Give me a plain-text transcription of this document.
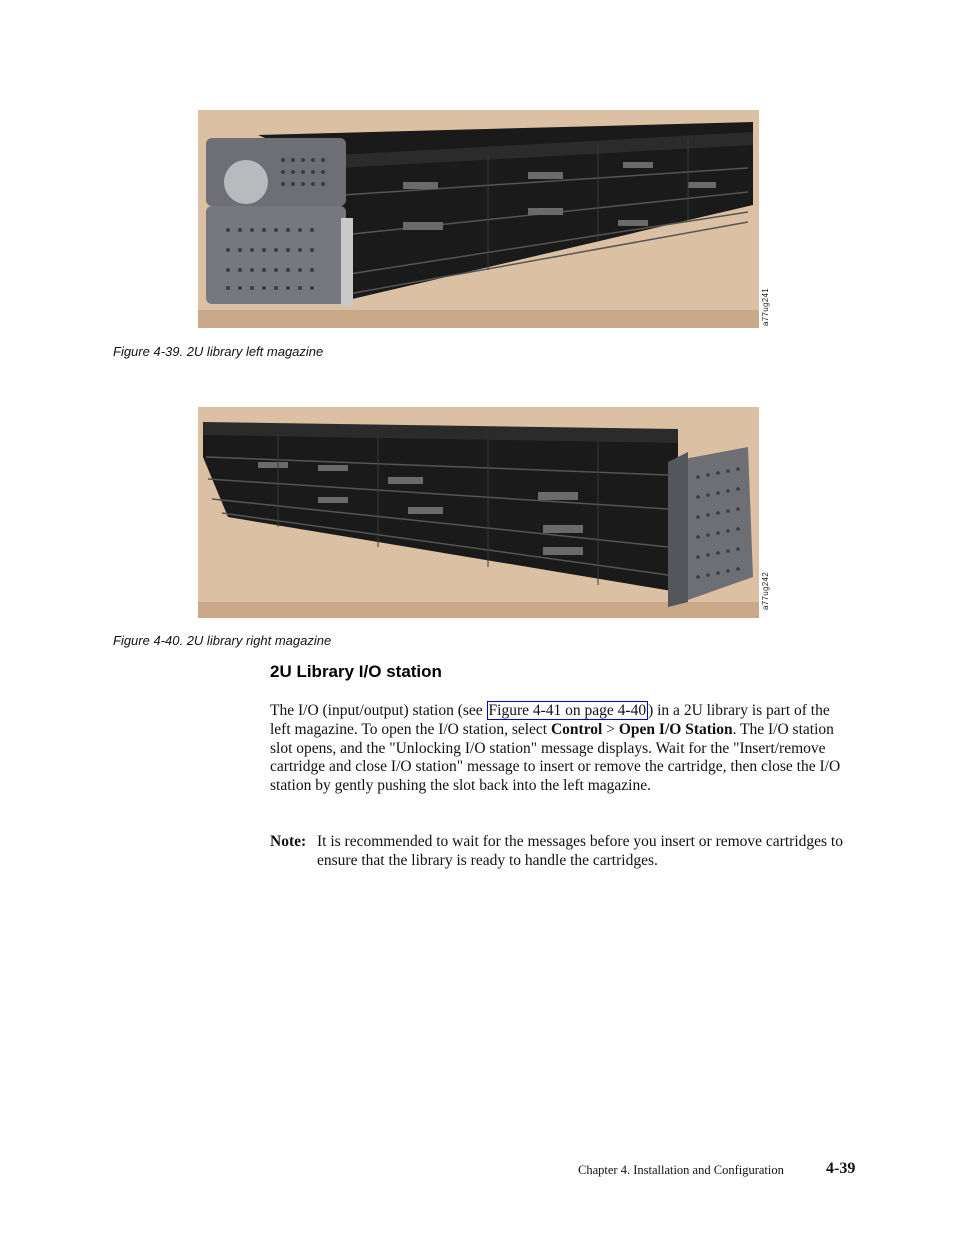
a77ug241
Figure 4-39. 2U library left magazine
a77ug242
Figure 4-40. 2U library right magazine
2U Library I/O station
The I/O (input/output) station (see Figure 4-41 on page 4-40 ) in a 2U library is part of the left magazine. To open the I/O station, select Control > Open I/O Station. The I/O station slot opens, and the "Unlocking I/O station" message displays. Wait for the "Insert/remove cartridge and close I/O station" message to insert or remove the cartridge, then close the I/O station by gently pushing the slot back into the left magazine.
Note: It is recommended to wait for the messages before you insert or remove cartridges to ensure that the library is ready to handle the cartridges.
Chapter 4. Installation and Configuration	4-39
